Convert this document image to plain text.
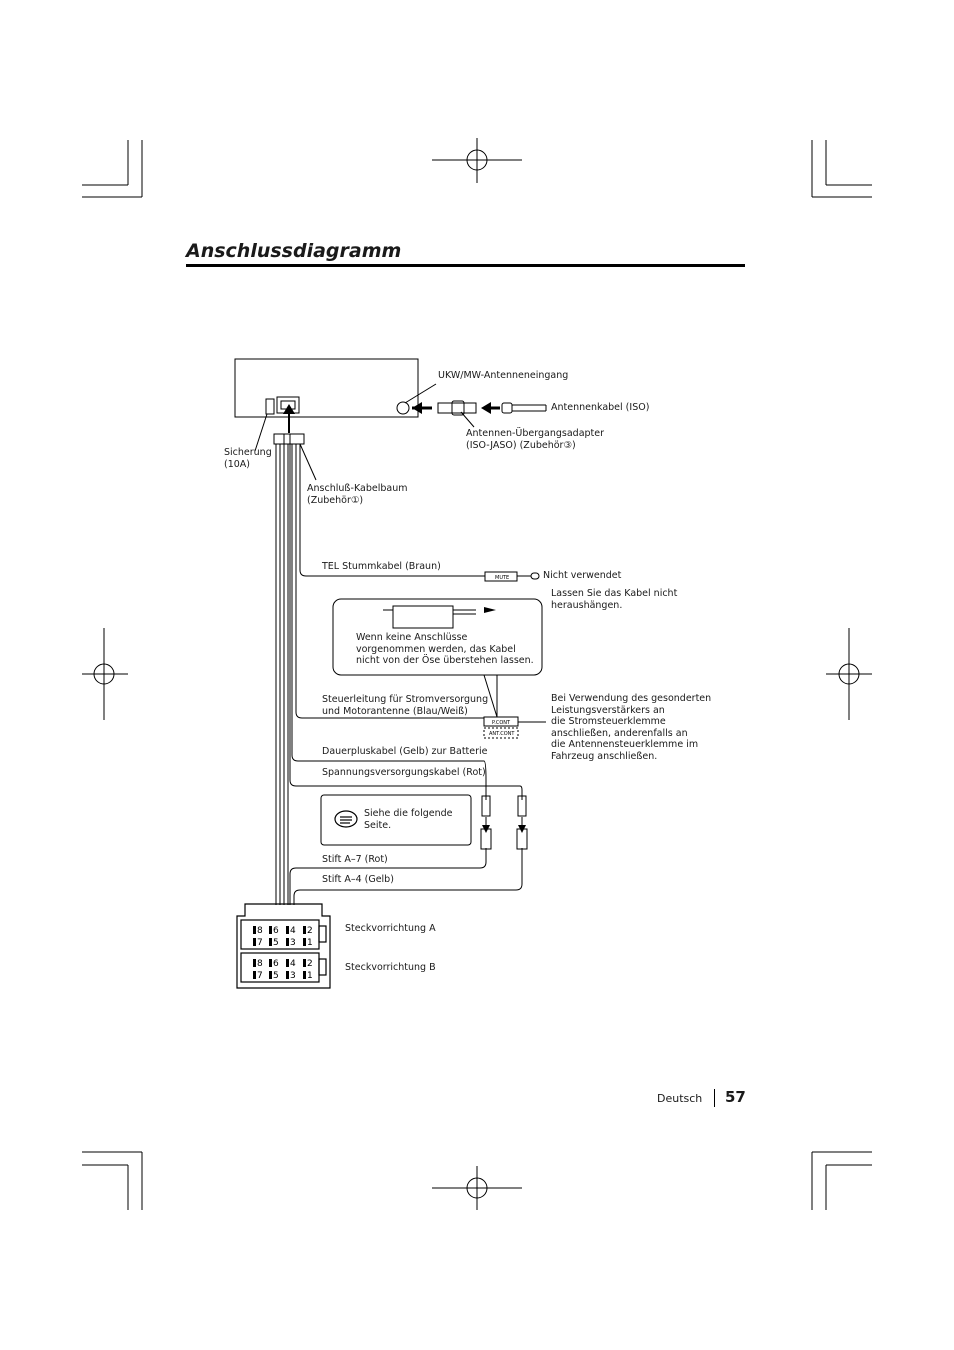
Anschlussdiagramm
8 6 4 2
7 5 3 1
8 6 4 2
7 5 3 1
MUTE
P.CONT
ANT.CONT
UKW/MW-Antenneneingang
Antennenkabel (ISO)
Antennen-Übergangsadapter
(ISO-JASO) (Zubehör③)
Sicherung
(10A)
Anschluß-Kabelbaum
(Zubehör①)
TEL Stummkabel (Braun)
Nicht verwendet
Lassen Sie das Kabel nicht
heraushängen.
Wenn keine Anschlüsse
vorgenommen werden, das Kabel
nicht von der Öse überstehen lassen.
Steuerleitung für Stromversorgung
und Motorantenne (Blau/Weiß)
Bei Verwendung des gesonderten
Leistungsverstärkers an
die Stromsteuerklemme
anschließen, anderenfalls an
die Antennensteuerklemme im
Fahrzeug anschließen.
Dauerpluskabel (Gelb) zur Batterie
Spannungsversorgungskabel (Rot)
Siehe die folgende
Seite.
Stift A–7 (Rot)
Stift A–4 (Gelb)
Steckvorrichtung A
Steckvorrichtung B
Deutsch 57
